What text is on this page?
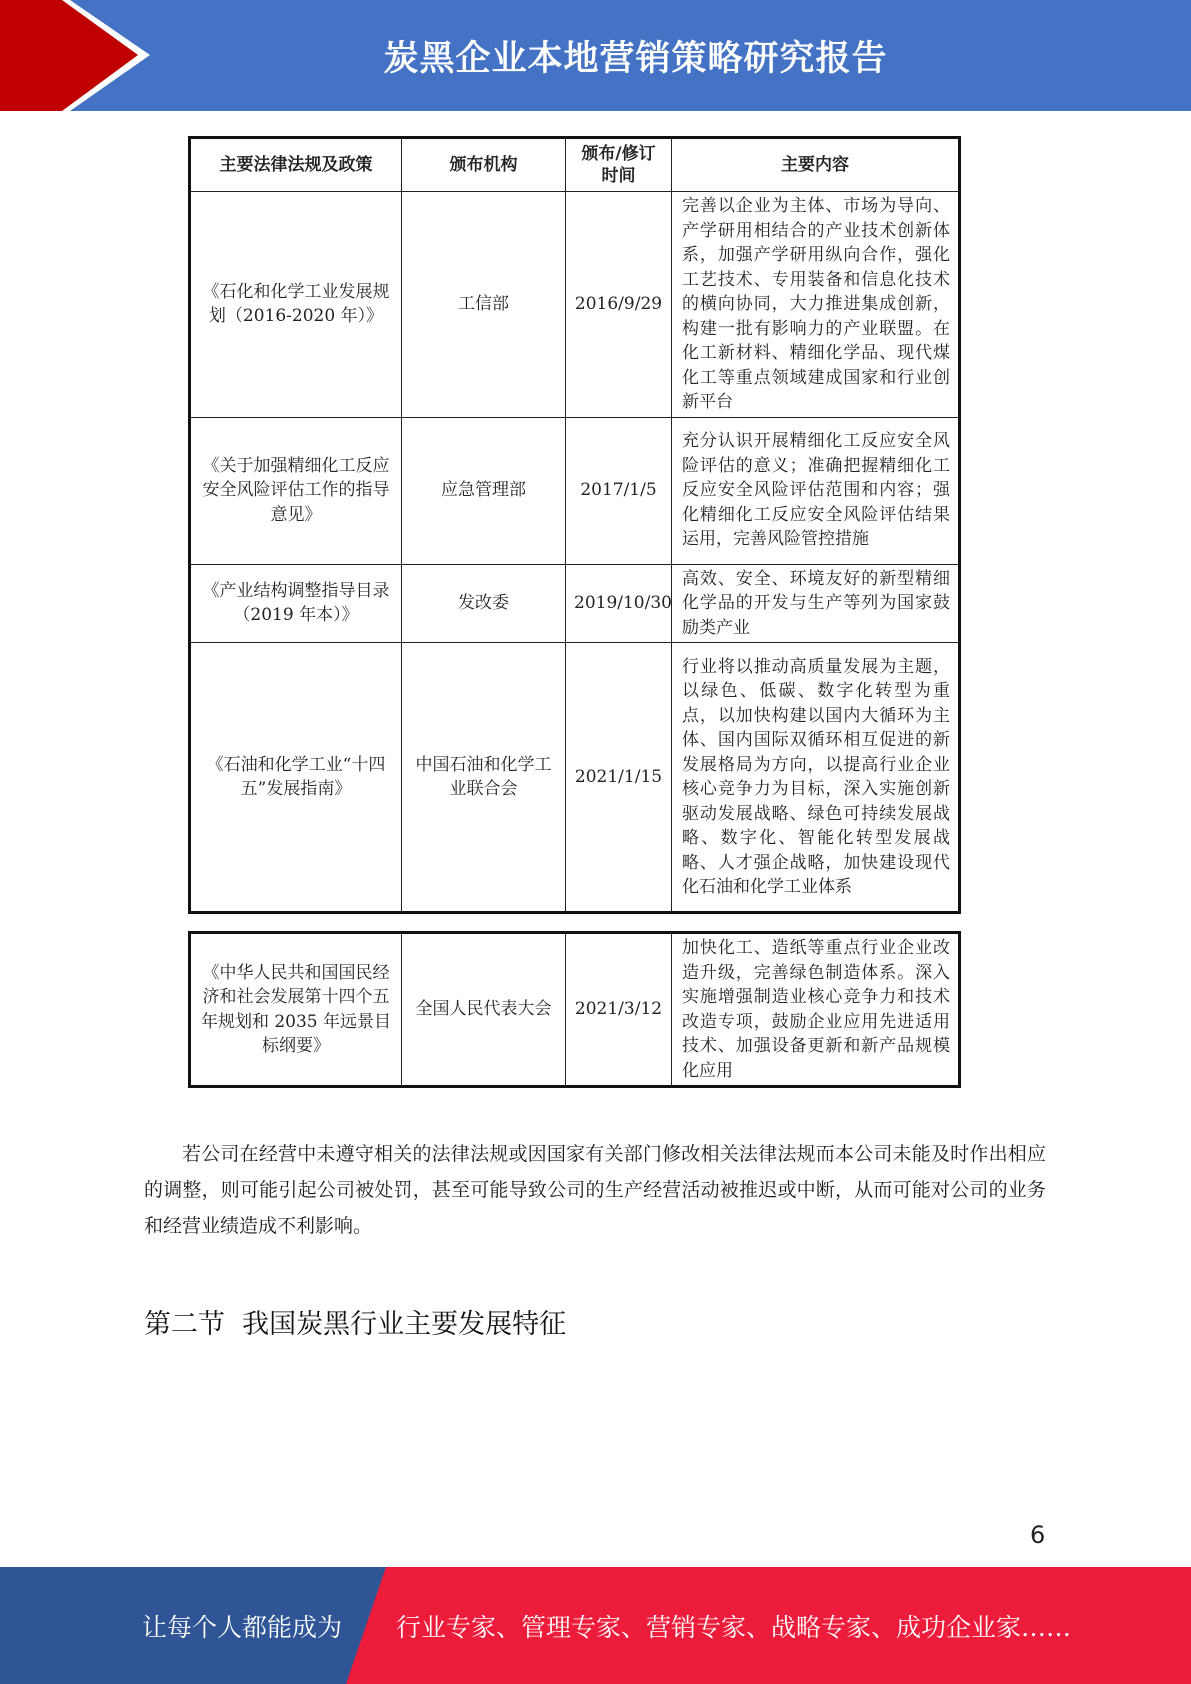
炭黑企业本地营销策略研究报告
主要法律法规及政策	颁布机构	颁布/修订时间	主要内容
《石化和化学工业发展规划（2016-2020 年）》	工信部	2016/9/29	完善以企业为主体、市场为导向、产学研用相结合的产业技术创新体系，加强产学研用纵向合作，强化工艺技术、专用装备和信息化技术的横向协同，大力推进集成创新，构建一批有影响力的产业联盟。在化工新材料、精细化学品、现代煤化工等重点领域建成国家和行业创新平台
《关于加强精细化工反应安全风险评估工作的指导意见》	应急管理部	2017/1/5	充分认识开展精细化工反应安全风险评估的意义；准确把握精细化工反应安全风险评估范围和内容；强化精细化工反应安全风险评估结果运用，完善风险管控措施
《产业结构调整指导目录（2019 年本）》	发改委	2019/10/30	高效、安全、环境友好的新型精细化学品的开发与生产等列为国家鼓励类产业
《石油和化学工业“十四五”发展指南》	中国石油和化学工业联合会	2021/1/15	行业将以推动高质量发展为主题，以绿色、低碳、数字化转型为重点，以加快构建以国内大循环为主体、国内国际双循环相互促进的新发展格局为方向，以提高行业企业核心竞争力为目标，深入实施创新驱动发展战略、绿色可持续发展战略、数字化、智能化转型发展战略、人才强企战略，加快建设现代化石油和化学工业体系
《中华人民共和国国民经济和社会发展第十四个五年规划和 2035 年远景目标纲要》	全国人民代表大会	2021/3/12	加快化工、造纸等重点行业企业改造升级，完善绿色制造体系。深入实施增强制造业核心竞争力和技术改造专项，鼓励企业应用先进适用技术、加强设备更新和新产品规模化应用

若公司在经营中未遵守相关的法律法规或因国家有关部门修改相关法律法规而本公司未能及时作出相应的调整，则可能引起公司被处罚，甚至可能导致公司的生产经营活动被推迟或中断，从而可能对公司的业务和经营业绩造成不利影响。

第二节  我国炭黑行业主要发展特征
6
让每个人都能成为 行业专家、管理专家、营销专家、战略专家、成功企业家……
